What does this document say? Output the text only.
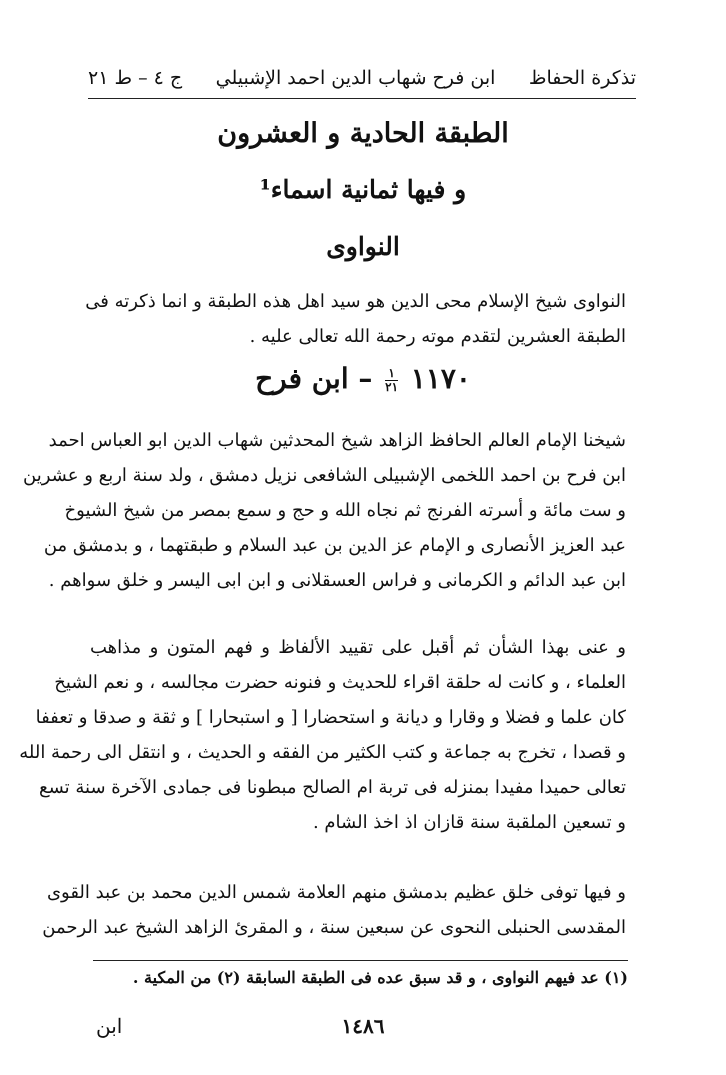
تذكرة الحفاظ
ابن فرح شهاب الدين احمد الإشبيلي
ج ٤ – ط ٢١
الطبقة الحادية و العشرون
و فيها ثمانية اسماء¹
النواوى
النواوى شيخ الإسلام محى الدين هو سيد اهل هذه الطبقة و انما ذكرته فى
الطبقة العشرين لتقدم موته رحمة الله تعالى عليه .
١١٧٠
$\frac{١}{٢١}$
– ابن فرح
شيخنا الإمام العالم الحافظ الزاهد شيخ المحدثين شهاب الدين ابو العباس احمد
ابن فرح بن احمد اللخمى الإشبيلى الشافعى نزيل دمشق ، ولد سنة اربع و عشرين
و ست مائة و أسرته الفرنج ثم نجاه الله و حج و سمع بمصر من شيخ الشيوخ
عبد العزيز الأنصارى و الإمام عز الدين بن عبد السلام و طبقتهما ، و بدمشق من
ابن عبد الدائم و الكرمانى و فراس العسقلانى و ابن ابى اليسر و خلق سواهم .
و عنى بهذا الشأن ثم أقبل على تقييد الألفاظ و فهم المتون و مذاهب
العلماء ، و كانت له حلقة اقراء للحديث و فنونه حضرت مجالسه ، و نعم الشيخ
كان علما و فضلا و وقارا و ديانة و استحضارا [ و استبحارا ] و ثقة و صدقا و تعففا
و قصدا ، تخرج به جماعة و كتب الكثير من الفقه و الحديث ، و انتقل الى رحمة الله
تعالى حميدا مفيدا بمنزله فى تربة ام الصالح مبطونا فى جمادى الآخرة سنة تسع
و تسعين الملقبة سنة قازان اذ اخذ الشام .
و فيها توفى خلق عظيم بدمشق منهم العلامة شمس الدين محمد بن عبد القوى
المقدسى الحنبلى النحوى عن سبعين سنة ، و المقرئ الزاهد الشيخ عبد الرحمن
(١) عد فيهم النواوى ، و قد سبق عده فى الطبقة السابقة (٢) من المكية .
١٤٨٦
ابن
